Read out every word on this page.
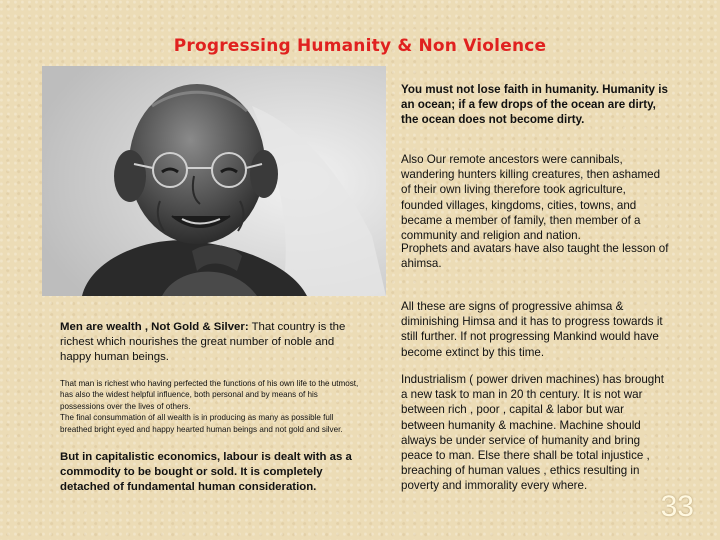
Progressing Humanity & Non Violence

You must not lose faith in humanity. Humanity is an ocean; if a few drops of the ocean are dirty, the ocean does not become dirty.

Also Our remote ancestors were cannibals, wandering hunters killing creatures, then ashamed of their own living therefore took agriculture, founded villages, kingdoms, cities, towns, and became a member of family, then member of a community and religion and nation.

Prophets and avatars have also taught the lesson of ahimsa.

All these are signs of progressive ahimsa & diminishing Himsa and it has to progress towards it still further. If not progressing Mankind would have become extinct by this time.

Industrialism ( power driven machines) has brought a new task to man in 20 th century. It is not war between rich , poor , capital & labor but war between humanity & machine. Machine should always be under service of humanity and bring peace to man. Else there shall be total injustice , breaching of human values , ethics resulting in poverty and immorality every where.

Men are wealth , Not Gold & Silver: That country is the richest which nourishes the great number of noble and happy human beings.

That man is richest who having perfected the functions of his own life to the utmost, has also the widest helpful influence, both personal and by means of his possessions over the lives of others.
The final consummation of all wealth is in producing as many as possible full breathed bright eyed and happy hearted human beings and not gold and silver.

But in capitalistic economics, labour is dealt with as a commodity to be bought or sold. It is completely detached of fundamental human consideration.

33
